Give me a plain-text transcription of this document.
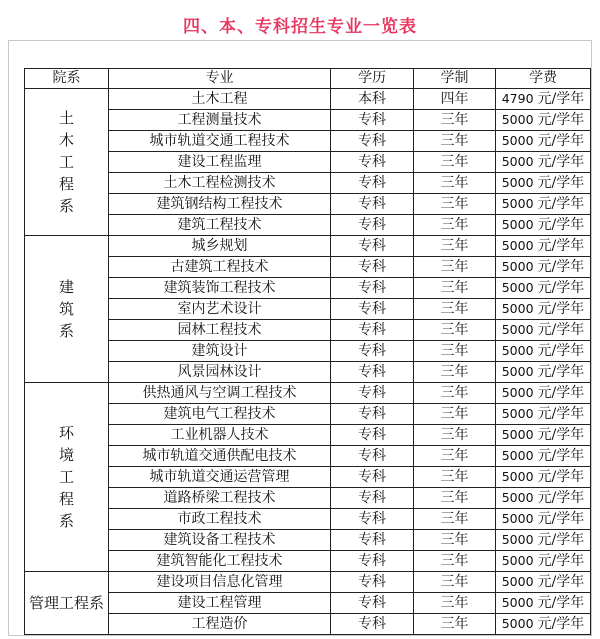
四、本、专科招生专业一览表
院系	专业	学历	学制	学费
土木工程系	土木工程	本科	四年	4790 元/学年
	工程测量技术	专科	三年	5000 元/学年
	城市轨道交通工程技术	专科	三年	5000 元/学年
	建设工程监理	专科	三年	5000 元/学年
	土木工程检测技术	专科	三年	5000 元/学年
	建筑钢结构工程技术	专科	三年	5000 元/学年
	建筑工程技术	专科	三年	5000 元/学年
建筑系	城乡规划	专科	三年	5000 元/学年
	古建筑工程技术	专科	三年	5000 元/学年
	建筑装饰工程技术	专科	三年	5000 元/学年
	室内艺术设计	专科	三年	5000 元/学年
	园林工程技术	专科	三年	5000 元/学年
	建筑设计	专科	三年	5000 元/学年
	风景园林设计	专科	三年	5000 元/学年
环境工程系	供热通风与空调工程技术	专科	三年	5000 元/学年
	建筑电气工程技术	专科	三年	5000 元/学年
	工业机器人技术	专科	三年	5000 元/学年
	城市轨道交通供配电技术	专科	三年	5000 元/学年
	城市轨道交通运营管理	专科	三年	5000 元/学年
	道路桥梁工程技术	专科	三年	5000 元/学年
	市政工程技术	专科	三年	5000 元/学年
	建筑设备工程技术	专科	三年	5000 元/学年
	建筑智能化工程技术	专科	三年	5000 元/学年
管理工程系	建设项目信息化管理	专科	三年	5000 元/学年
	建设工程管理	专科	三年	5000 元/学年
	工程造价	专科	三年	5000 元/学年
